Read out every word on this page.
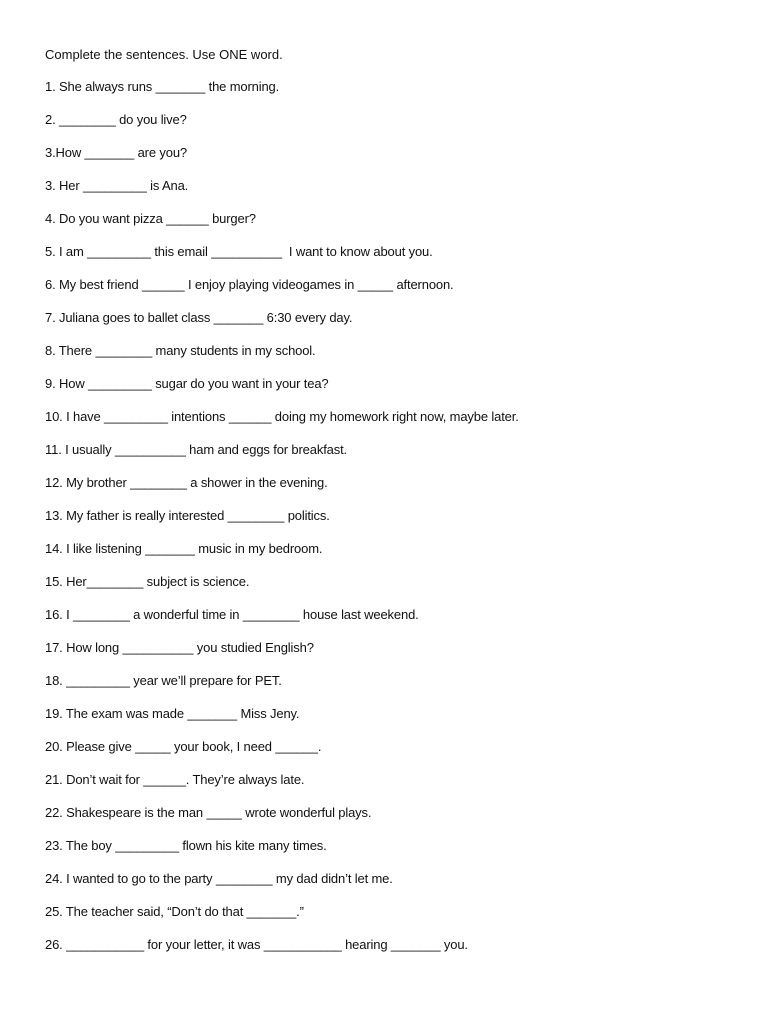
Complete the sentences. Use ONE word.
1. She always runs _______ the morning.
2. ________ do you live?
3.How _______ are you?
3. Her _________ is Ana.
4. Do you want pizza ______ burger?
5. I am _________ this email __________  I want to know about you.
6. My best friend ______ I enjoy playing videogames in _____ afternoon.
7. Juliana goes to ballet class _______ 6:30 every day.
8. There ________ many students in my school.
9. How _________ sugar do you want in your tea?
10. I have _________ intentions ______ doing my homework right now, maybe later.
11. I usually __________ ham and eggs for breakfast.
12. My brother ________ a shower in the evening.
13. My father is really interested ________ politics.
14. I like listening _______ music in my bedroom.
15. Her________ subject is science.
16. I ________ a wonderful time in ________ house last weekend.
17. How long __________ you studied English?
18. _________ year we’ll prepare for PET.
19. The exam was made _______ Miss Jeny.
20. Please give _____ your book, I need ______.
21. Don’t wait for ______. They’re always late.
22. Shakespeare is the man _____ wrote wonderful plays.
23. The boy _________ flown his kite many times.
24. I wanted to go to the party ________ my dad didn’t let me.
25. The teacher said, “Don’t do that _______.”
26. ___________ for your letter, it was ___________ hearing _______ you.
